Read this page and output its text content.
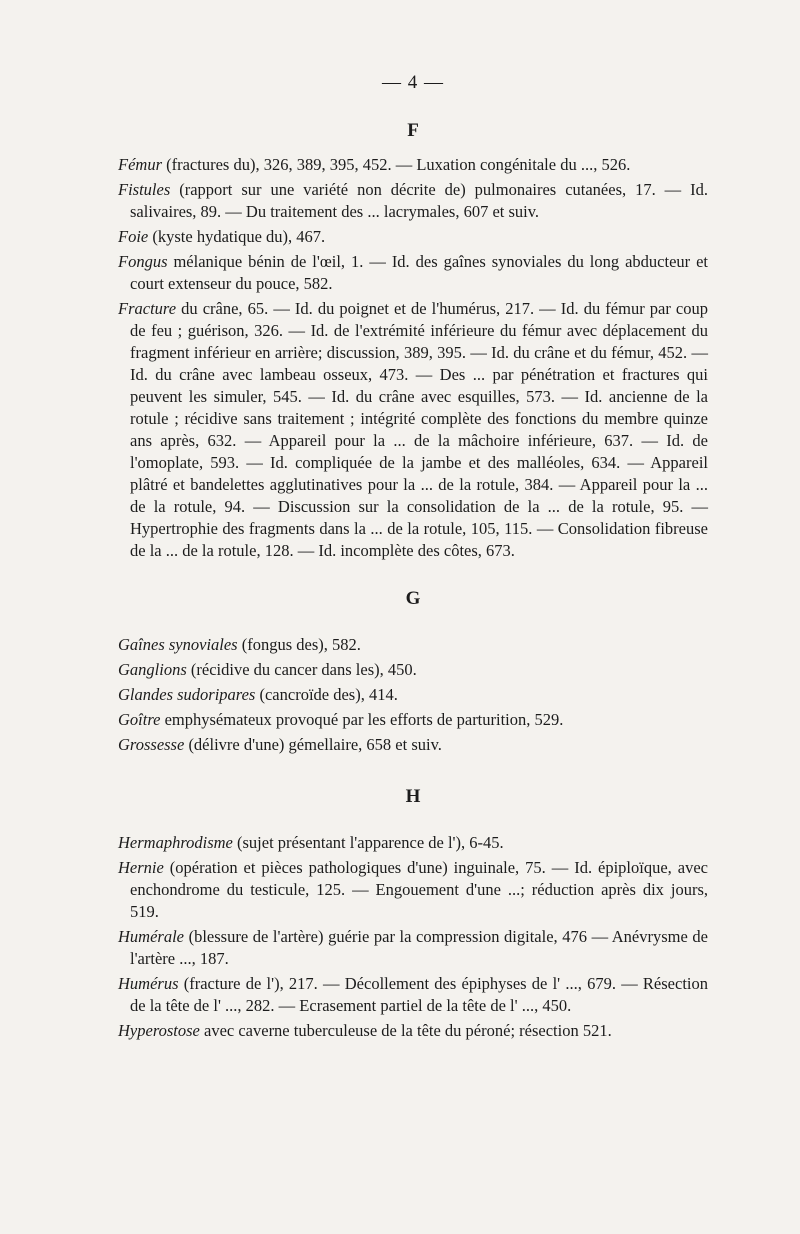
— 4 —
F

Fémur (fractures du), 326, 389, 395, 452. — Luxation congénitale du ..., 526.

Fistules (rapport sur une variété non décrite de) pulmonaires cutanées, 17. — Id. salivaires, 89. — Du traitement des ... lacrymales, 607 et suiv.

Foie (kyste hydatique du), 467.

Fongus mélanique bénin de l'œil, 1. — Id. des gaînes synoviales du long abducteur et court extenseur du pouce, 582.

Fracture du crâne, 65. — Id. du poignet et de l'humérus, 217. — Id. du fémur par coup de feu ; guérison, 326. — Id. de l'extrémité inférieure du fémur avec déplacement du fragment inférieur en arrière; discussion, 389, 395. — Id. du crâne et du fémur, 452. — Id. du crâne avec lambeau osseux, 473. — Des ... par pénétration et fractures qui peuvent les simuler, 545. — Id. du crâne avec esquilles, 573. — Id. ancienne de la rotule ; récidive sans traitement ; intégrité complète des fonctions du membre quinze ans après, 632. — Appareil pour la ... de la mâchoire inférieure, 637. — Id. de l'omoplate, 593. — Id. compliquée de la jambe et des malléoles, 634. — Appareil plâtré et bandelettes agglutinatives pour la ... de la rotule, 384. — Appareil pour la ... de la rotule, 94. — Discussion sur la consolidation de la ... de la rotule, 95. — Hypertrophie des fragments dans la ... de la rotule, 105, 115. — Consolidation fibreuse de la ... de la rotule, 128. — Id. incomplète des côtes, 673.

G

Gaînes synoviales (fongus des), 582.

Ganglions (récidive du cancer dans les), 450.

Glandes sudoripares (cancroïde des), 414.

Goître emphysémateux provoqué par les efforts de parturition, 529.

Grossesse (délivre d'une) gémellaire, 658 et suiv.

H

Hermaphrodisme (sujet présentant l'apparence de l'), 6-45.

Hernie (opération et pièces pathologiques d'une) inguinale, 75. — Id. épiploïque, avec enchondrome du testicule, 125. — Engouement d'une ...; réduction après dix jours, 519.

Humérale (blessure de l'artère) guérie par la compression digitale, 476 — Anévrysme de l'artère ..., 187.

Humérus (fracture de l'), 217. — Décollement des épiphyses de l' ..., 679. — Résection de la tête de l' ..., 282. — Ecrasement partiel de la tête de l' ..., 450.

Hyperostose avec caverne tuberculeuse de la tête du péroné; résection 521.
